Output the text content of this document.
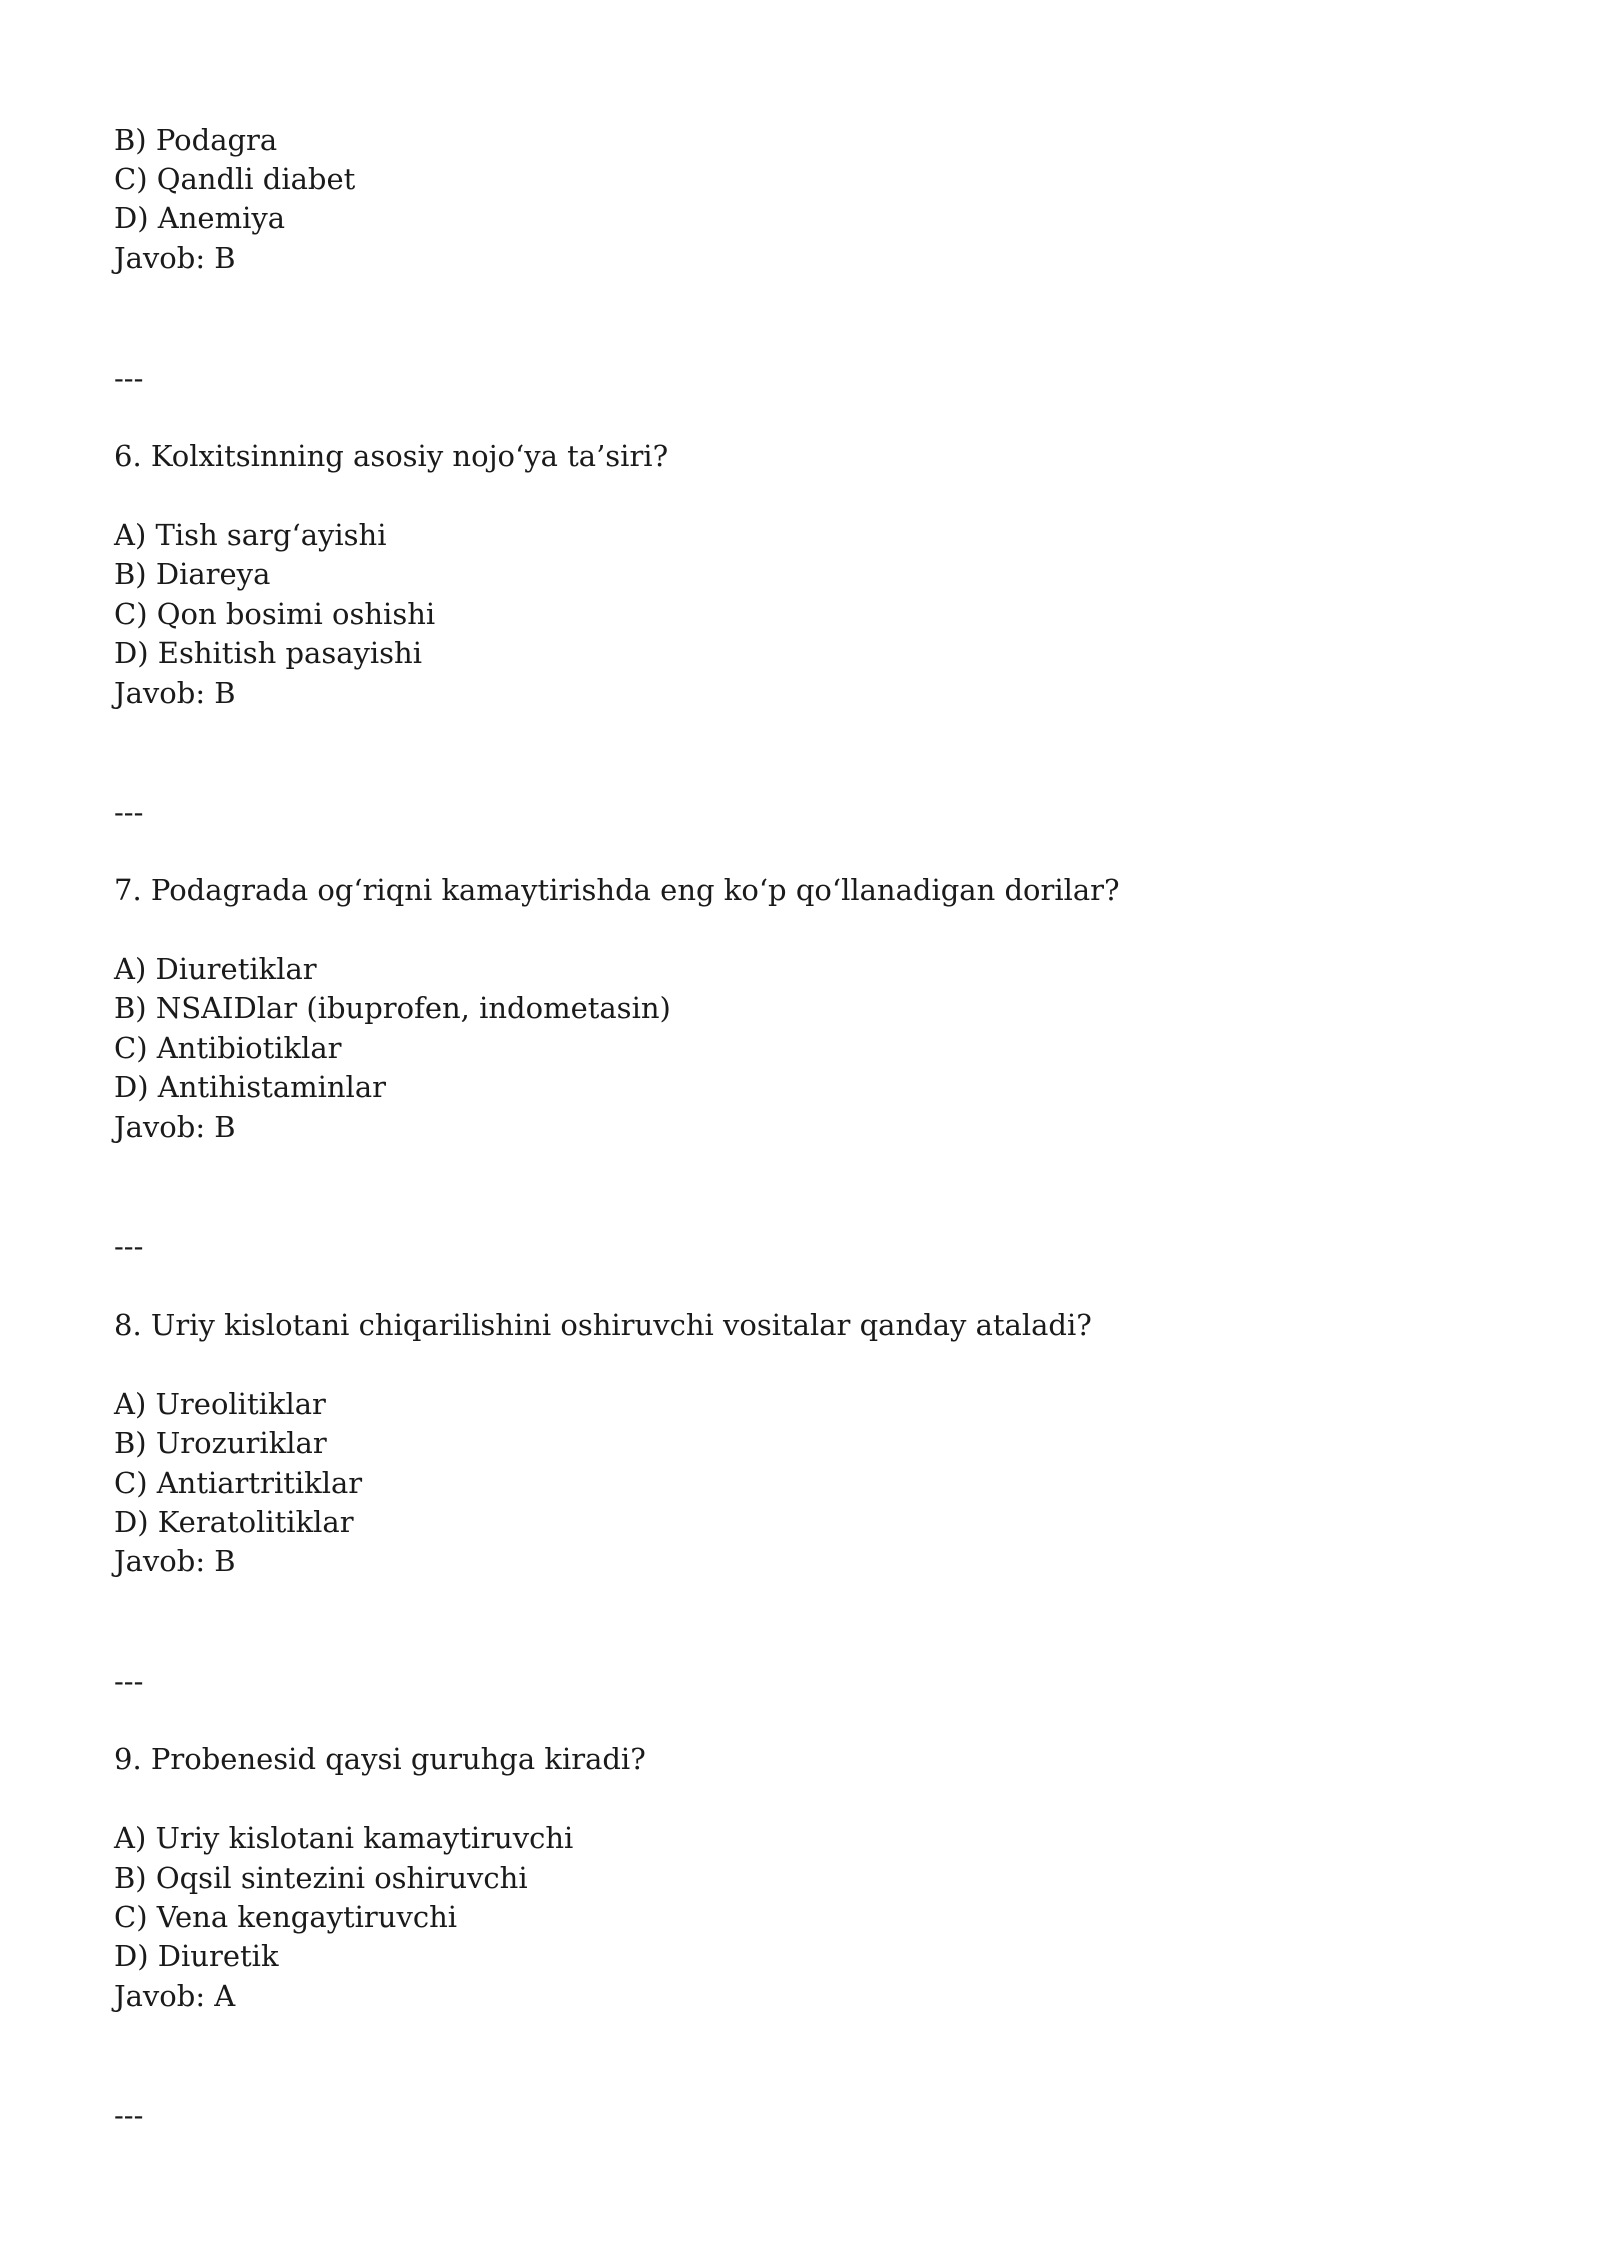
B) Podagra
C) Qandli diabet
D) Anemiya
Javob: B
---
6. Kolxitsinning asosiy nojo‘ya ta’siri?
A) Tish sarg‘ayishi
B) Diareya
C) Qon bosimi oshishi
D) Eshitish pasayishi
Javob: B
---
7. Podagrada og‘riqni kamaytirishda eng ko‘p qo‘llanadigan dorilar?
A) Diuretiklar
B) NSAIDlar (ibuprofen, indometasin)
C) Antibiotiklar
D) Antihistaminlar
Javob: B
---
8. Uriy kislotani chiqarilishini oshiruvchi vositalar qanday ataladi?
A) Ureolitiklar
B) Urozuriklar
C) Antiartritiklar
D) Keratolitiklar
Javob: B
---
9. Probenesid qaysi guruhga kiradi?
A) Uriy kislotani kamaytiruvchi
B) Oqsil sintezini oshiruvchi
C) Vena kengaytiruvchi
D) Diuretik
Javob: A
---
